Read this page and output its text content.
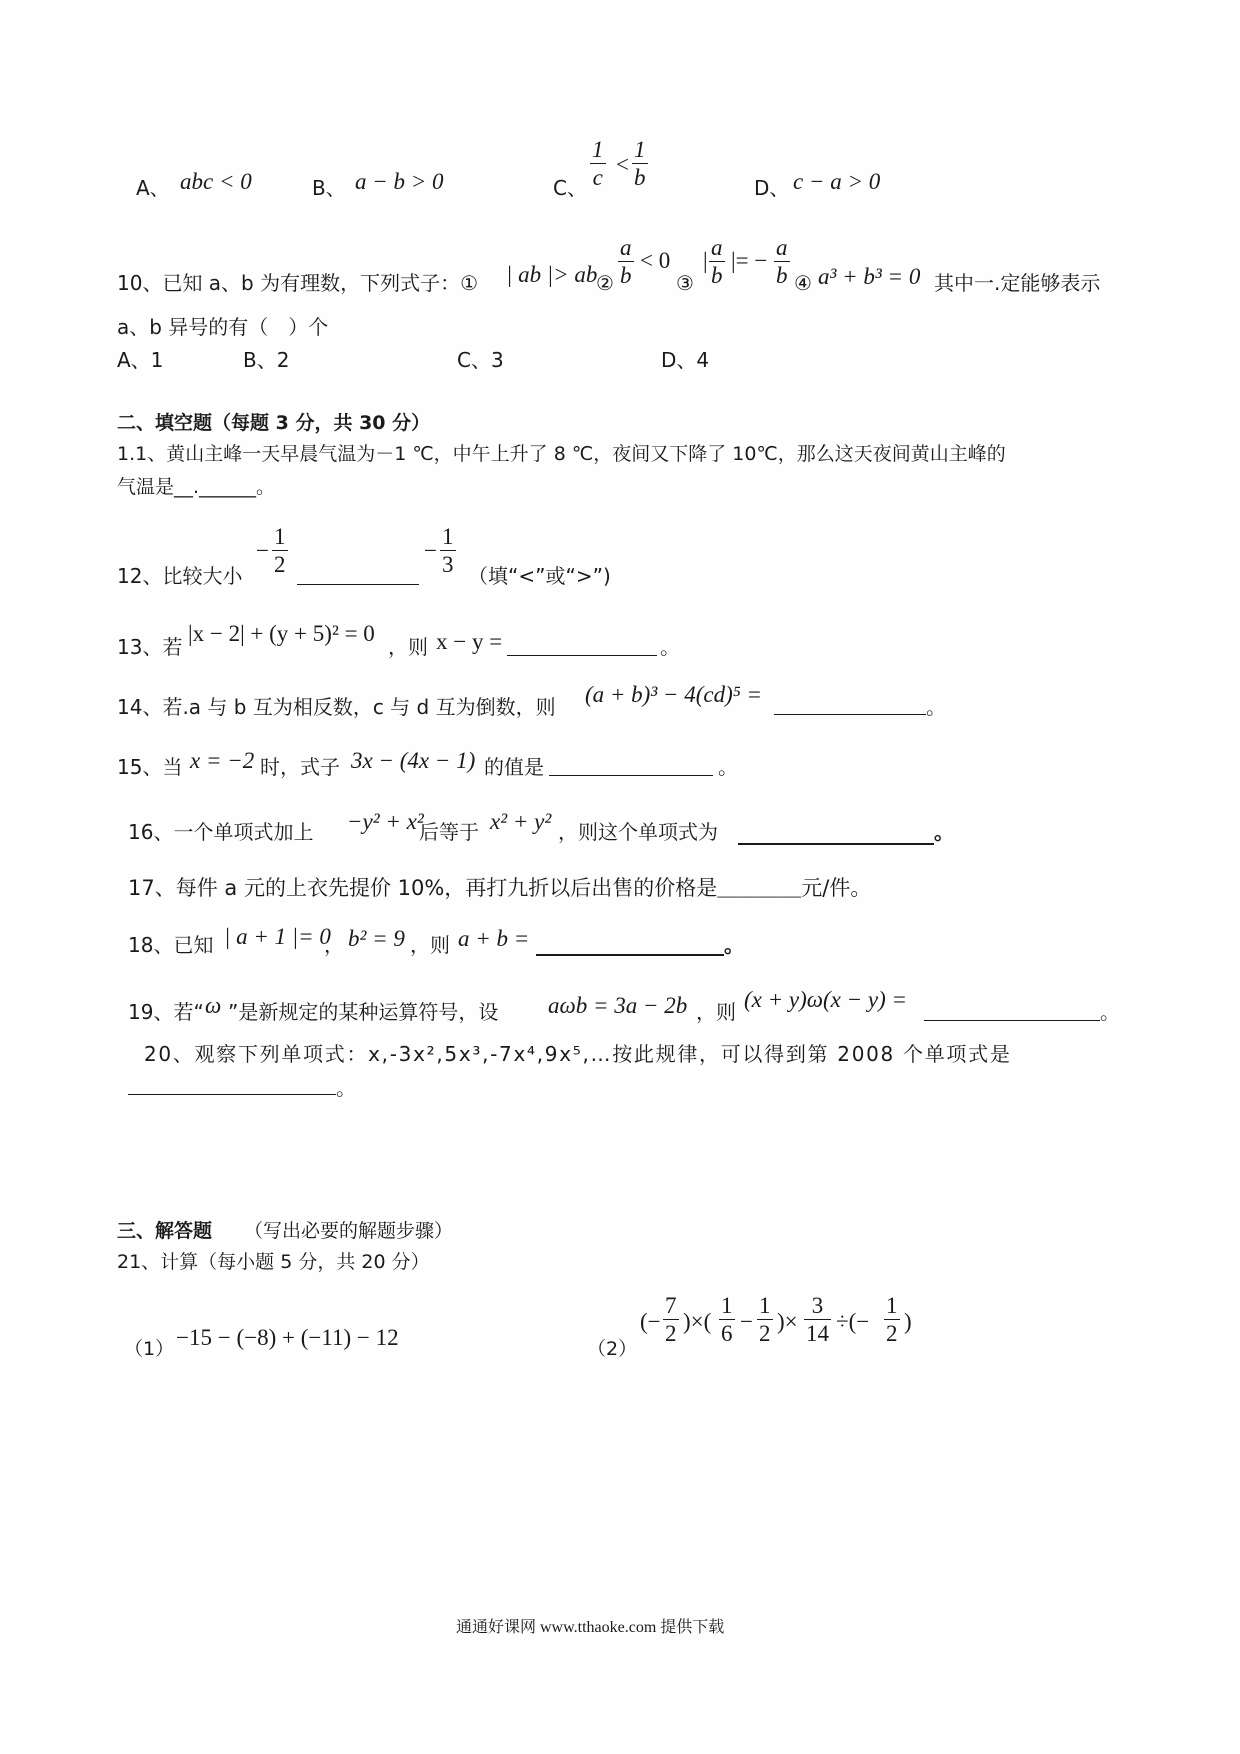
A、 abc < 0	B、 a − b > 0	C、 $\frac{1}{c} < \frac{1}{b}$	D、 c − a > 0
10、已知 a、b 为有理数，下列式子：① | ab |> ab
② $\frac{a}{b} < 0$
③
| $\frac{a}{b}$ |= − $\frac{a}{b}$ ④ a³ + b³ = 0 其中一.定能够表示
a、b 异号的有（　）个
A、1	B、2	C、3	D、4
二、填空题（每题 3 分，共 30 分）
1.1、黄山主峰一天早晨气温为－1 ℃，中午上升了 8 ℃，夜间又下降了 10℃，那么这天夜间黄山主峰的
气温是__.______。
12、比较大小
− $\frac{1}{2}$	− $\frac{1}{3}$ （填“<”或“>”)
13、若
|x − 2| + (y + 5)² = 0
，则 x − y =	。
14、若.a 与 b 互为相反数，c 与 d 互为倒数，则 (a + b)³ − 4(cd)⁵ =	。
15、当 x = −2 时，式子 3x − (4x − 1) 的值是	。
16、一个单项式加上 −y² + x²
后等于 x² + y² ，则这个单项式为	。
17、每件 a 元的上衣先提价 10%，再打九折以后出售的价格是＿＿＿＿元/件。
18、已知 | a + 1 |= 0
， b² = 9 ，则 a + b =	。
19、若“ ω ”是新规定的某种运算符号，设 aωb = 3a − 2b ，则 (x + y)ω(x − y) =	。
20、观察下列单项式：x,-3x²,5x³,-7x⁴,9x⁵,…按此规律，可以得到第 2008 个单项式是
。
三、解答题 （写出必要的解题步骤）
21、计算（每小题 5 分，共 20 分）
（1） −15 − (−8) + (−11) − 12	（2）
(− $\frac{7}{2}$ )×( $\frac{1}{6} - \frac{1}{2}$ )× $\frac{3}{14}$ ÷(− $\frac{1}{2}$ )
通通好课网 www.tthaoke.com 提供下载
